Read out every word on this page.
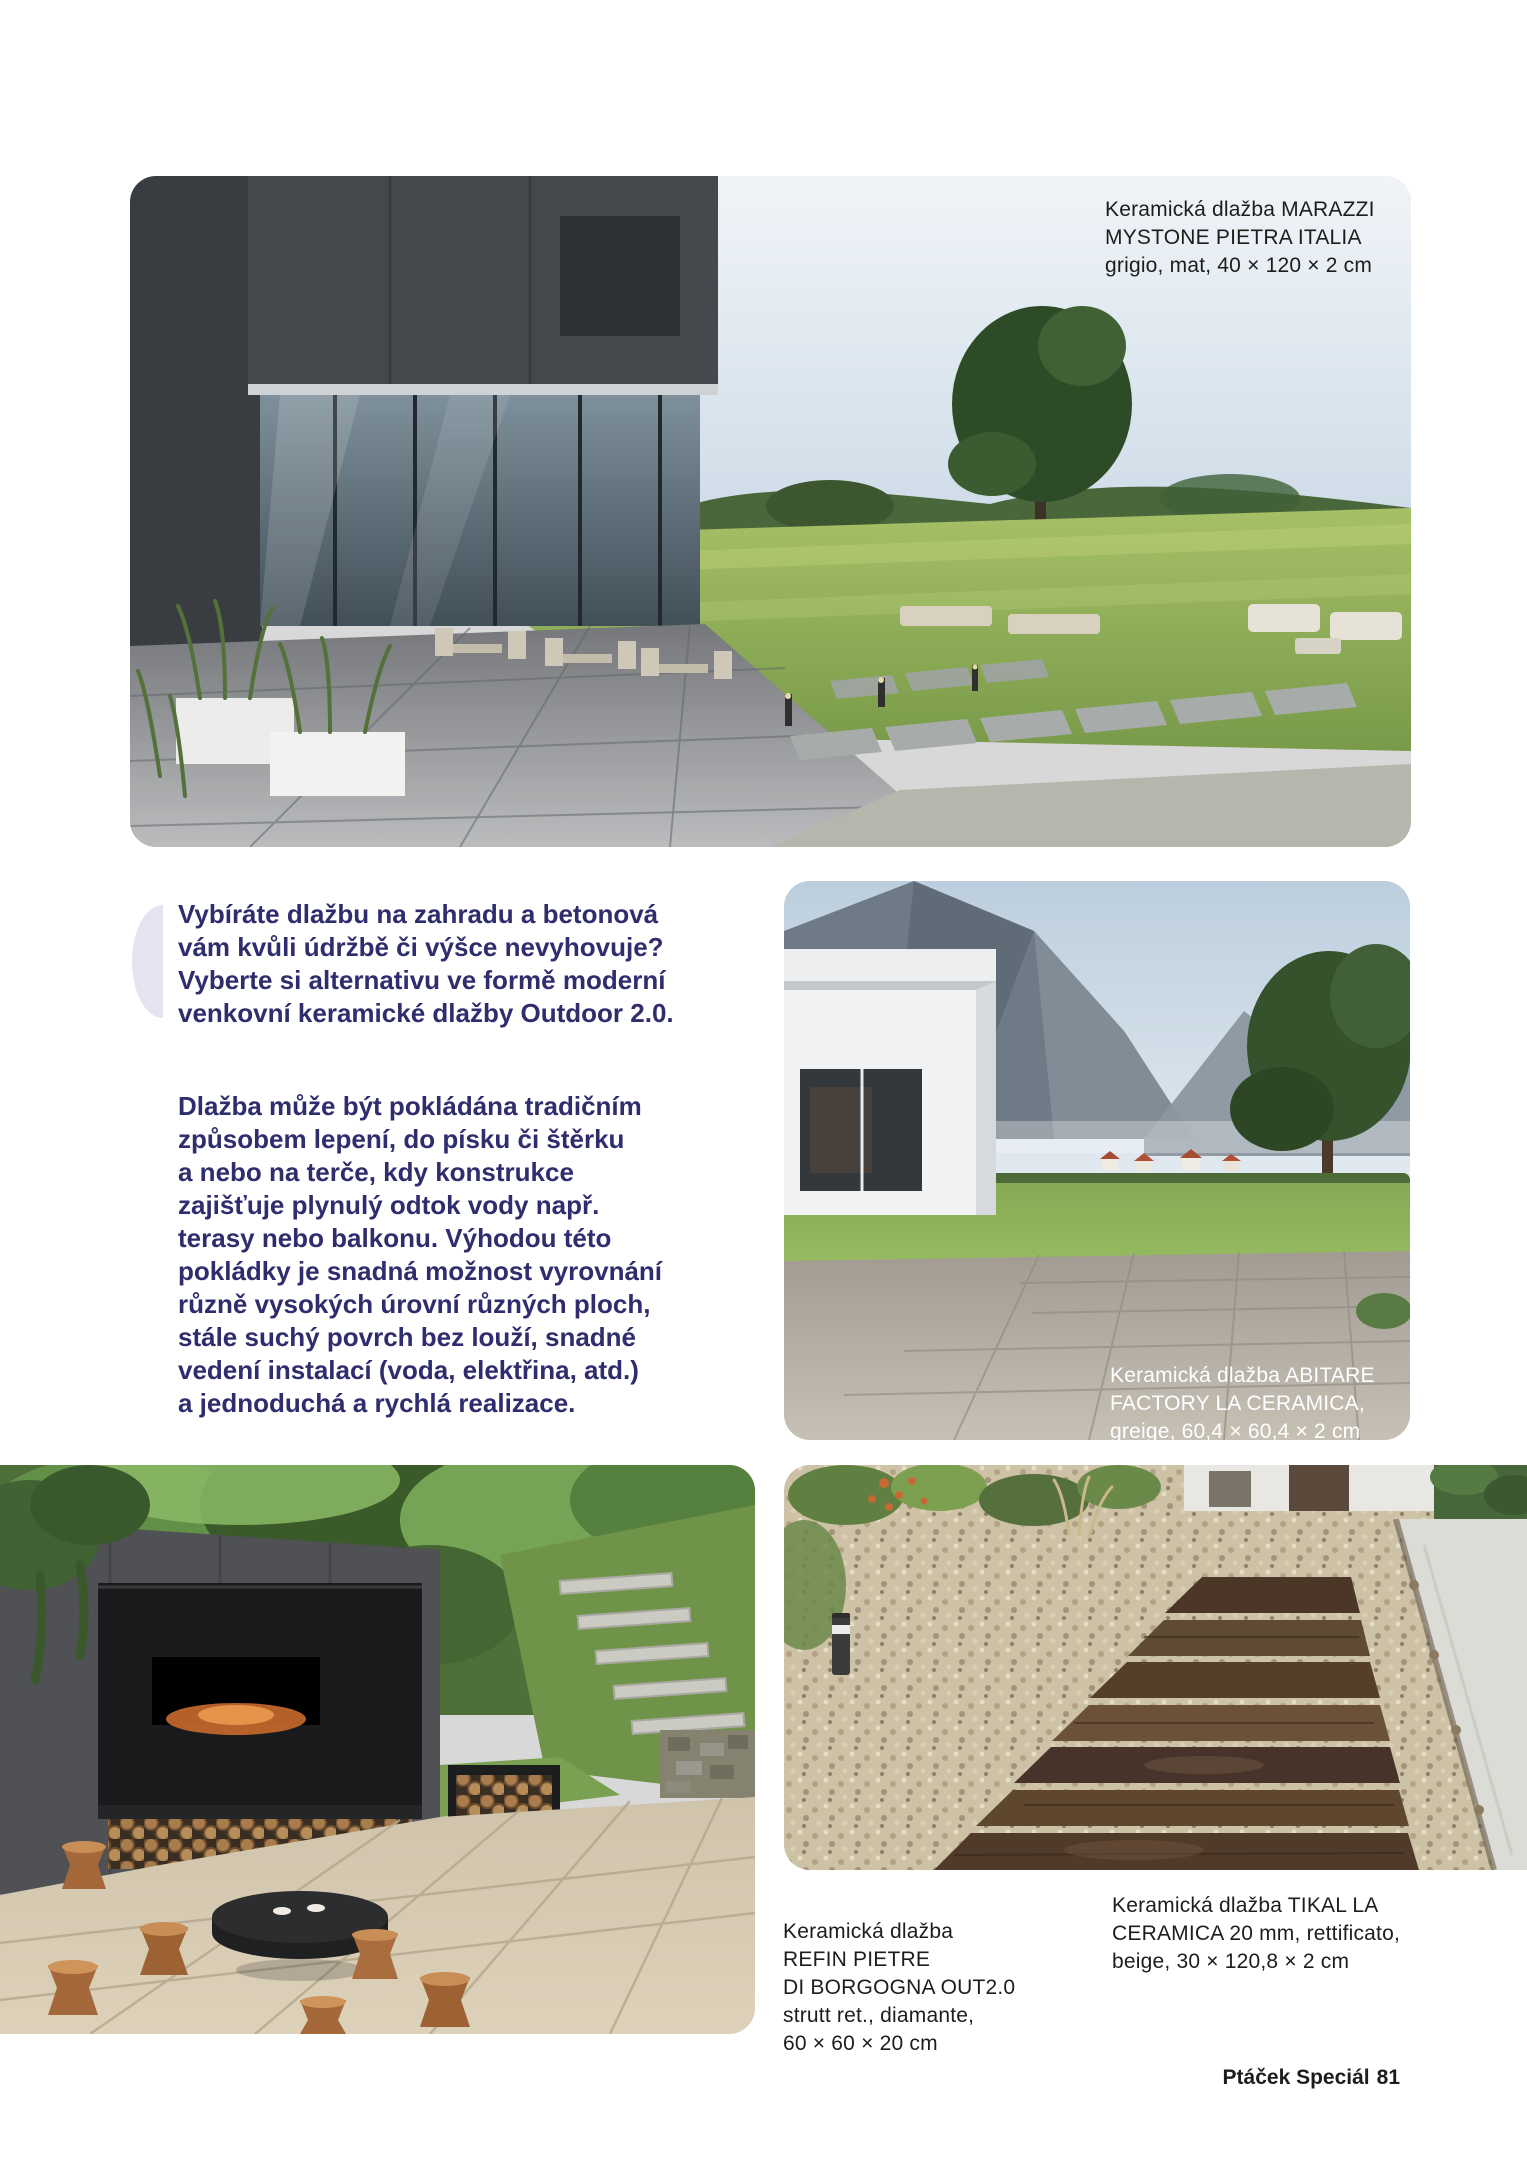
Keramická dlažba MARAZZI
MYSTONE PIETRA ITALIA
grigio, mat, 40 × 120 × 2 cm
Vybíráte dlažbu na zahradu a betonová
vám kvůli údržbě či výšce nevyhovuje?
Vyberte si alternativu ve formě moderní
venkovní keramické dlažby Outdoor 2.0.
Dlažba může být pokládána tradičním
způsobem lepení, do písku či štěrku
a nebo na terče, kdy konstrukce
zajišťuje plynulý odtok vody např.
terasy nebo balkonu. Výhodou této
pokládky je snadná možnost vyrovnání
různě vysokých úrovní různých ploch,
stále suchý povrch bez louží, snadné
vedení instalací (voda, elektřina, atd.)
a jednoduchá a rychlá realizace.
Keramická dlažba ABITARE
FACTORY LA CERAMICA,
greige, 60,4 × 60,4 × 2 cm
Keramická dlažba
REFIN PIETRE
DI BORGOGNA OUT2.0
strutt ret., diamante,
60 × 60 × 20 cm
Keramická dlažba TIKAL LA
CERAMICA 20 mm, rettificato,
beige, 30 × 120,8 × 2 cm
Ptáček Speciál 81
